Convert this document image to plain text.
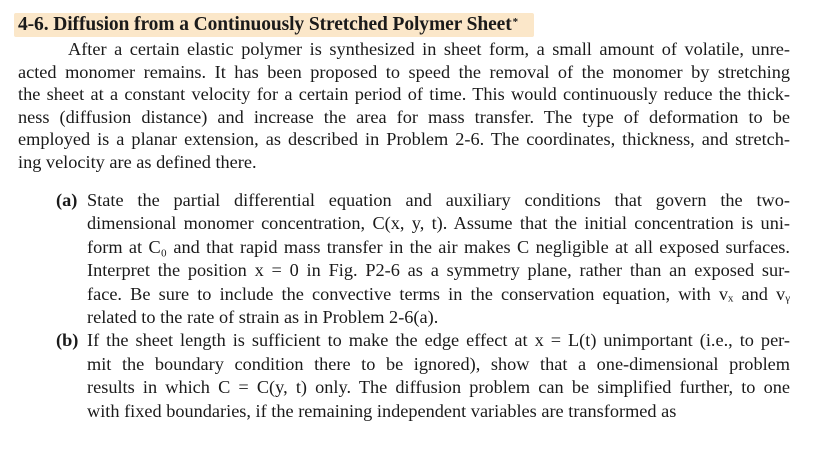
4-6. Diffusion from a Continuously Stretched Polymer Sheet*
After a certain elastic polymer is synthesized in sheet form, a small amount of volatile, unre-
acted monomer remains. It has been proposed to speed the removal of the monomer by stretching
the sheet at a constant velocity for a certain period of time. This would continuously reduce the thick-
ness (diffusion distance) and increase the area for mass transfer. The type of deformation to be
employed is a planar extension, as described in Problem 2-6. The coordinates, thickness, and stretch-
ing velocity are as defined there.
(a) State the partial differential equation and auxiliary conditions that govern the two-
dimensional monomer concentration, C(x, y, t). Assume that the initial concentration is uni-
form at C₀ and that rapid mass transfer in the air makes C negligible at all exposed surfaces.
Interpret the position x = 0 in Fig. P2-6 as a symmetry plane, rather than an exposed sur-
face. Be sure to include the convective terms in the conservation equation, with vₓ and vᵧ
related to the rate of strain as in Problem 2-6(a).
(b) If the sheet length is sufficient to make the edge effect at x = L(t) unimportant (i.e., to per-
mit the boundary condition there to be ignored), show that a one-dimensional problem
results in which C = C(y, t) only. The diffusion problem can be simplified further, to one
with fixed boundaries, if the remaining independent variables are transformed as
